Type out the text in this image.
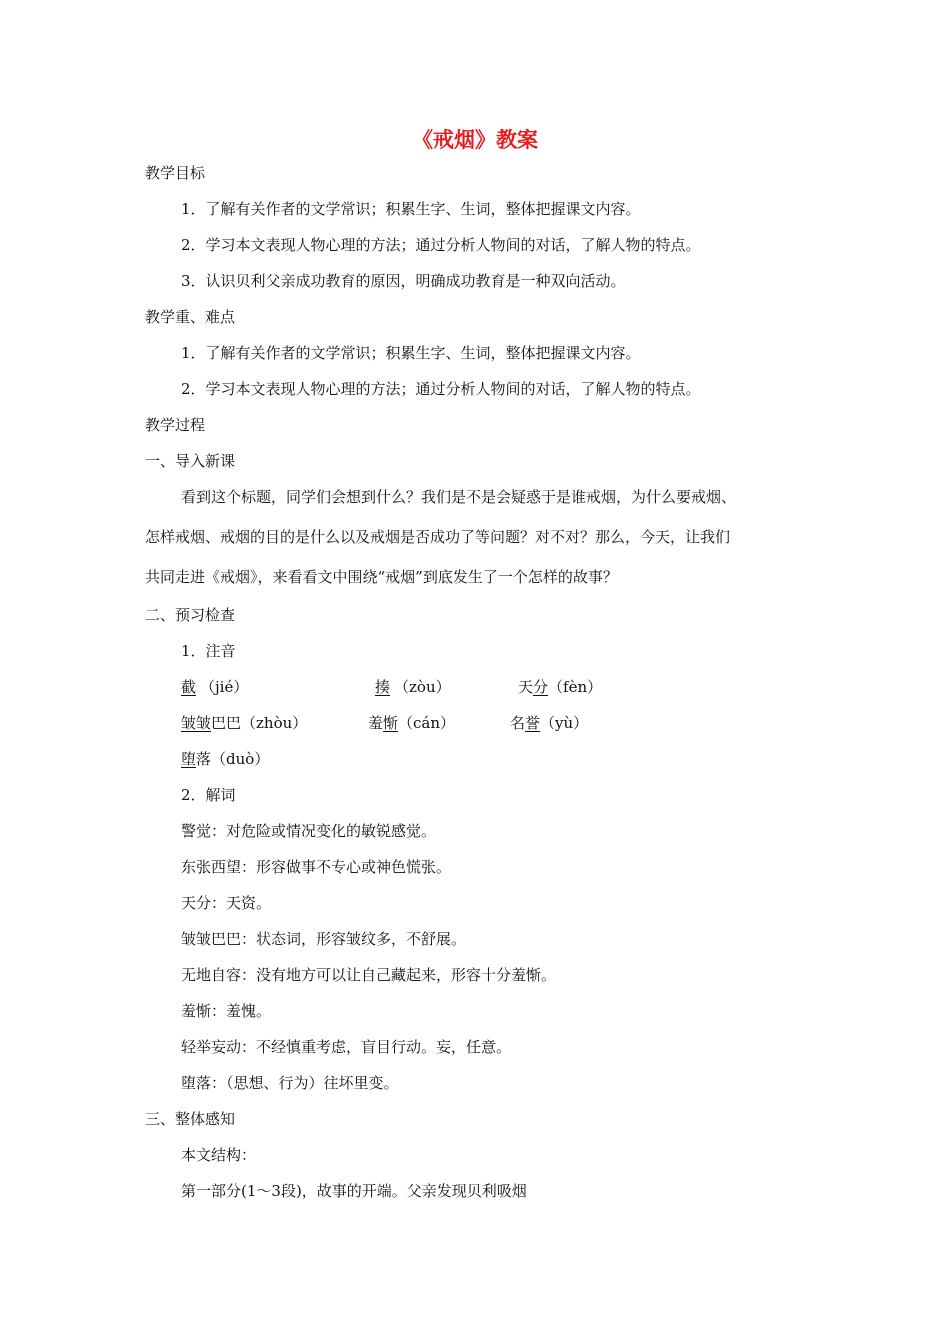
《戒烟》教案
教学目标
1．了解有关作者的文学常识；积累生字、生词，整体把握课文内容。
2．学习本文表现人物心理的方法；通过分析人物间的对话，了解人物的特点。
3．认识贝利父亲成功教育的原因，明确成功教育是一种双向活动。
教学重、难点
1．了解有关作者的文学常识；积累生字、生词，整体把握课文内容。
2．学习本文表现人物心理的方法；通过分析人物间的对话，了解人物的特点。
教学过程
一、导入新课
看到这个标题，同学们会想到什么？我们是不是会疑惑于是谁戒烟，为什么要戒烟、
怎样戒烟、戒烟的目的是什么以及戒烟是否成功了等问题？对不对？那么，今天，让我们
共同走进《戒烟》，来看看文中围绕“戒烟”到底发生了一个怎样的故事？
二、预习检查
1．注音
截 （jié）	揍 （zòu）	天分（fèn）
皱皱巴巴（zhòu）	羞惭（cán）	名誉（yù）
堕落（duò）
2．解词
警觉：对危险或情况变化的敏锐感觉。
东张西望：形容做事不专心或神色慌张。
天分：天资。
皱皱巴巴：状态词，形容皱纹多，不舒展。
无地自容：没有地方可以让自己藏起来，形容十分羞惭。
羞惭：羞愧。
轻举妄动：不经慎重考虑，盲目行动。妄，任意。
堕落：（思想、行为）往坏里变。
三、整体感知
本文结构：
第一部分(1～3段)，故事的开端。父亲发现贝利吸烟
